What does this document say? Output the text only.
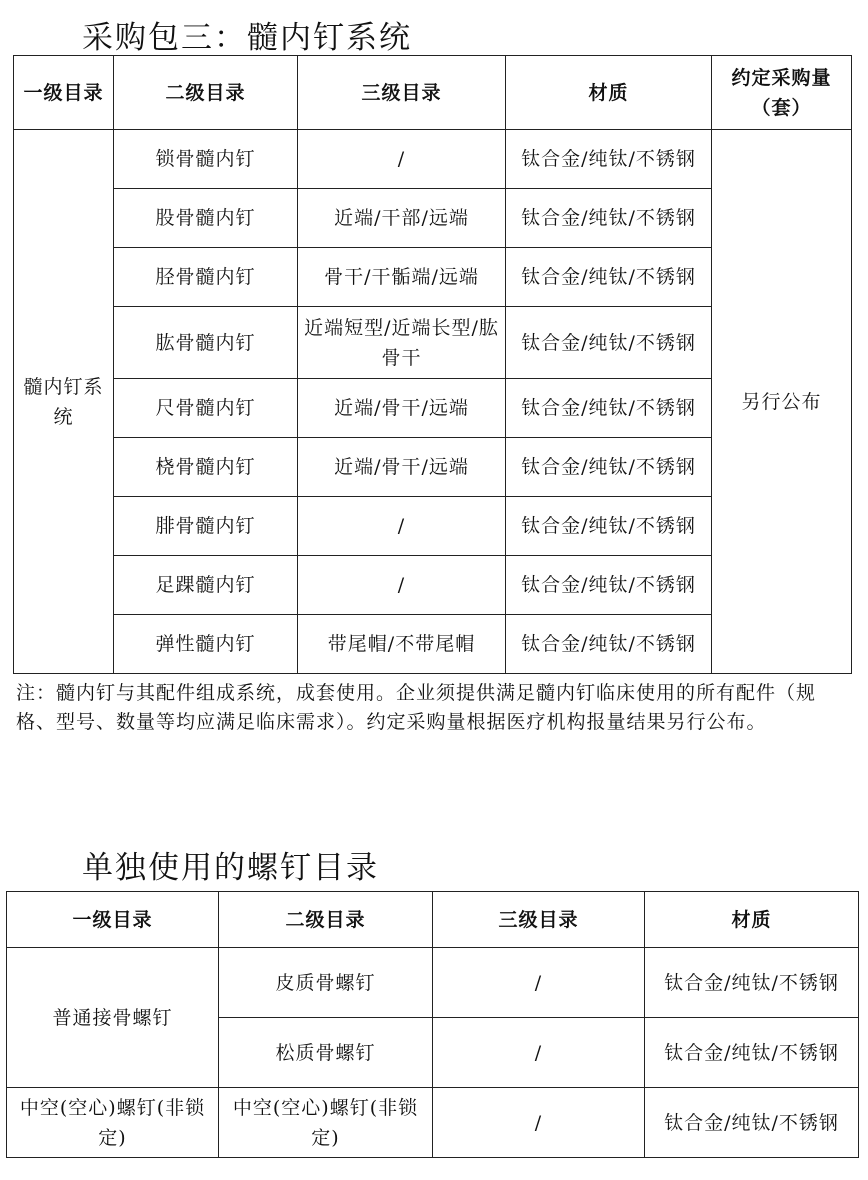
采购包三：髓内钉系统
一级目录	二级目录	三级目录	材质	约定采购量（套）
髓内钉系统	锁骨髓内钉	/	钛合金/纯钛/不锈钢	另行公布
	股骨髓内钉	近端/干部/远端	钛合金/纯钛/不锈钢	
	胫骨髓内钉	骨干/干骺端/远端	钛合金/纯钛/不锈钢	
	肱骨髓内钉	近端短型/近端长型/肱骨干	钛合金/纯钛/不锈钢	
	尺骨髓内钉	近端/骨干/远端	钛合金/纯钛/不锈钢	
	桡骨髓内钉	近端/骨干/远端	钛合金/纯钛/不锈钢	
	腓骨髓内钉	/	钛合金/纯钛/不锈钢	
	足踝髓内钉	/	钛合金/纯钛/不锈钢	
	弹性髓内钉	带尾帽/不带尾帽	钛合金/纯钛/不锈钢	
注：髓内钉与其配件组成系统，成套使用。企业须提供满足髓内钉临床使用的所有配件（规格、型号、数量等均应满足临床需求）。约定采购量根据医疗机构报量结果另行公布。
单独使用的螺钉目录
一级目录	二级目录	三级目录	材质
普通接骨螺钉	皮质骨螺钉	/	钛合金/纯钛/不锈钢
	松质骨螺钉	/	钛合金/纯钛/不锈钢
中空(空心)螺钉(非锁定)	中空(空心)螺钉(非锁定)	/	钛合金/纯钛/不锈钢
